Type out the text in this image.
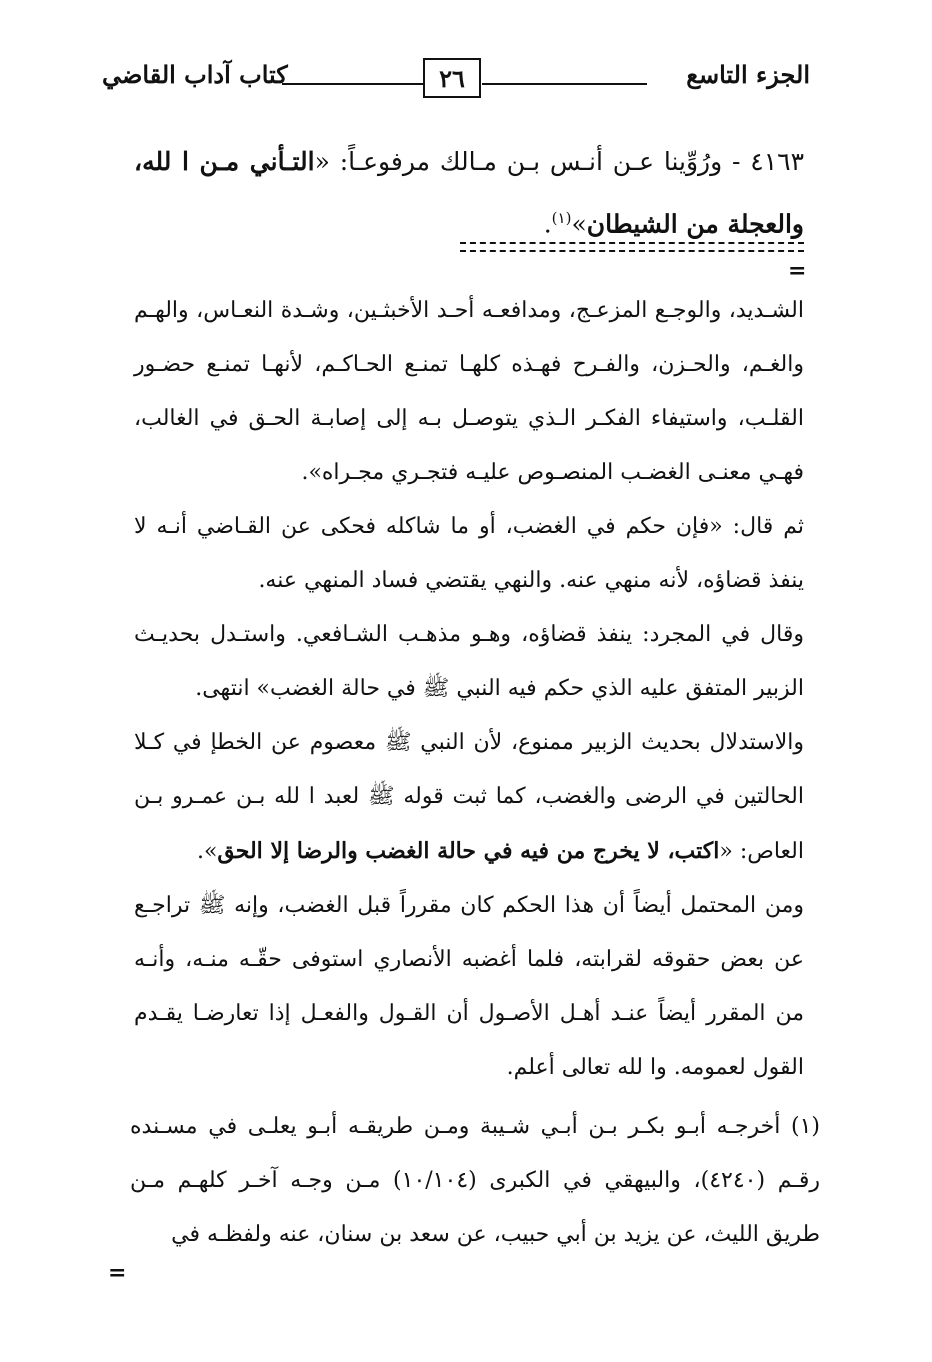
الجزء التاسع
٢٦
كتاب آداب القاضي
٤١٦٣ - ورُوِّينا عـن أنـس بـن مـالك مرفوعـاً: «التـأني مـن ا لله، والعجلة من الشيطان»$^{(١)}$.
=

الشـديد، والوجـع المزعـج، ومدافعـه أحـد الأخبثـين، وشـدة النعـاس، والهـم والغـم، والحـزن، والفـرح فهـذه كلهـا تمنـع الحـاكـم، لأنهـا تمنـع حضـور القلـب، واستيفاء الفكـر الـذي يتوصـل بـه إلى إصابـة الحـق في الغالب، فهـي معنـى الغضـب المنصـوص عليـه فتجـري مجـراه».

ثم قال: «فإن حكم في الغضب، أو ما شاكله فحكى عن القـاضي أنـه لا ينفذ قضاؤه، لأنه منهي عنه. والنهي يقتضي فساد المنهي عنه.

وقال في المجرد: ينفذ قضاؤه، وهـو مذهـب الشـافعي. واستـدل بحديـث الزبير المتفق عليه الذي حكم فيه النبي ﷺ في حالة الغضب» انتهى.

والاستدلال بحديث الزبير ممنوع، لأن النبي ﷺ معصوم عن الخطإ في كـلا الحالتين في الرضى والغضب، كما ثبت قوله ﷺ لعبد ا لله بـن عمـرو بـن العاص: «اكتب، لا يخرج من فيه في حالة الغضب والرضا إلا الحق».

ومن المحتمل أيضاً أن هذا الحكم كان مقرراً قبل الغضب، وإنه ﷺ تراجـع عن بعض حقوقه لقرابته، فلما أغضبه الأنصاري استوفى حقّـه منـه، وأنـه من المقرر أيضاً عنـد أهـل الأصـول أن القـول والفعـل إذا تعارضـا يقـدم القول لعمومه. وا لله تعالى أعلم.

(١) أخرجـه أبـو بكـر بـن أبـي شـيبة ومـن طريقـه أبـو يعلـى في مسـنده رقـم (٤٢٤٠)، والبيهقي في الكبرى (١٠/١٠٤) مـن وجـه آخـر كلهـم مـن طريق الليث، عن يزيد بن أبي حبيب، عن سعد بن سنان، عنه ولفظـه في
=
